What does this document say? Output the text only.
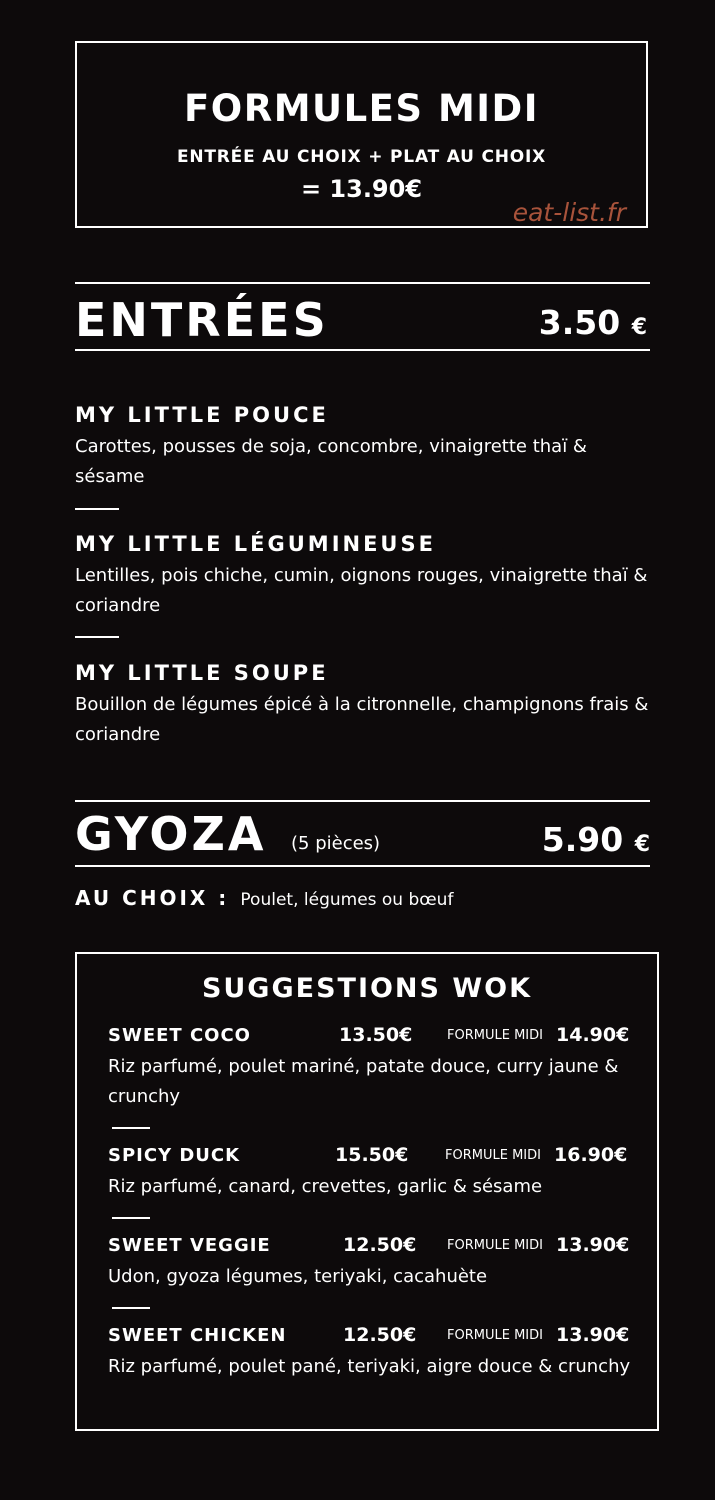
FORMULES MIDI
ENTRÉE AU CHOIX + PLAT AU CHOIX
= 13.90€
eat-list.fr
ENTRÉES	3.50 €
MY LITTLE POUCE
Carottes, pousses de soja, concombre, vinaigrette thaï & sésame
MY LITTLE LÉGUMINEUSE
Lentilles, pois chiche, cumin, oignons rouges, vinaigrette thaï & coriandre
MY LITTLE SOUPE
Bouillon de légumes épicé à la citronnelle, champignons frais & coriandre
GYOZA (5 pièces)	5.90 €
AU CHOIX : Poulet, légumes ou bœuf
SUGGESTIONS WOK
SWEET COCO	13.50€	FORMULE MIDI 14.90€
Riz parfumé, poulet mariné, patate douce, curry jaune & crunchy
SPICY DUCK	15.50€	FORMULE MIDI 16.90€
Riz parfumé, canard, crevettes, garlic & sésame
SWEET VEGGIE	12.50€ FORMULE MIDI 13.90€
Udon, gyoza légumes, teriyaki, cacahuète
SWEET CHICKEN	12.50€ FORMULE MIDI 13.90€
Riz parfumé, poulet pané, teriyaki, aigre douce & crunchy
